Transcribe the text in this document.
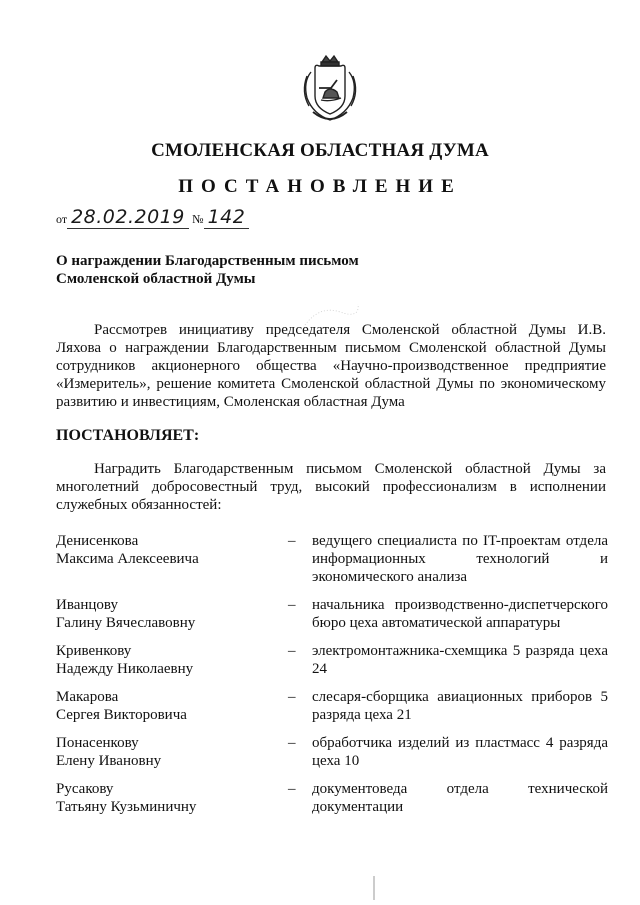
СМОЛЕНСКАЯ ОБЛАСТНАЯ ДУМА
ПОСТАНОВЛЕНИЕ
от 28.02.2019 № 142
О награждении Благодарственным письмом
Смоленской областной Думы
Рассмотрев инициативу председателя Смоленской областной Думы И.В. Ляхова о награждении Благодарственным письмом Смоленской областной Думы сотрудников акционерного общества «Научно-производственное предприятие «Измеритель», решение комитета Смоленской областной Думы по экономическому развитию и инвестициям, Смоленская областная Дума
ПОСТАНОВЛЯЕТ:
Наградить Благодарственным письмом Смоленской областной Думы за многолетний добросовестный труд, высокий профессионализм в исполнении служебных обязанностей:
Денисенкова
Максима Алексеевича
–	ведущего специалиста по IT-проектам отдела информационных технологий и экономического анализа
Иванцову
Галину Вячеславовну
–	начальника производственно-диспетчерского бюро цеха автоматической аппаратуры
Кривенкову
Надежду Николаевну
–	электромонтажника-схемщика 5 разряда цеха 24
Макарова
Сергея Викторовича
–	слесаря-сборщика авиационных приборов 5 разряда цеха 21
Понасенкову
Елену Ивановну
–	обработчика изделий из пластмасс 4 разряда цеха 10
Русакову
Татьяну Кузьминичну
–	документоведа отдела технической документации
